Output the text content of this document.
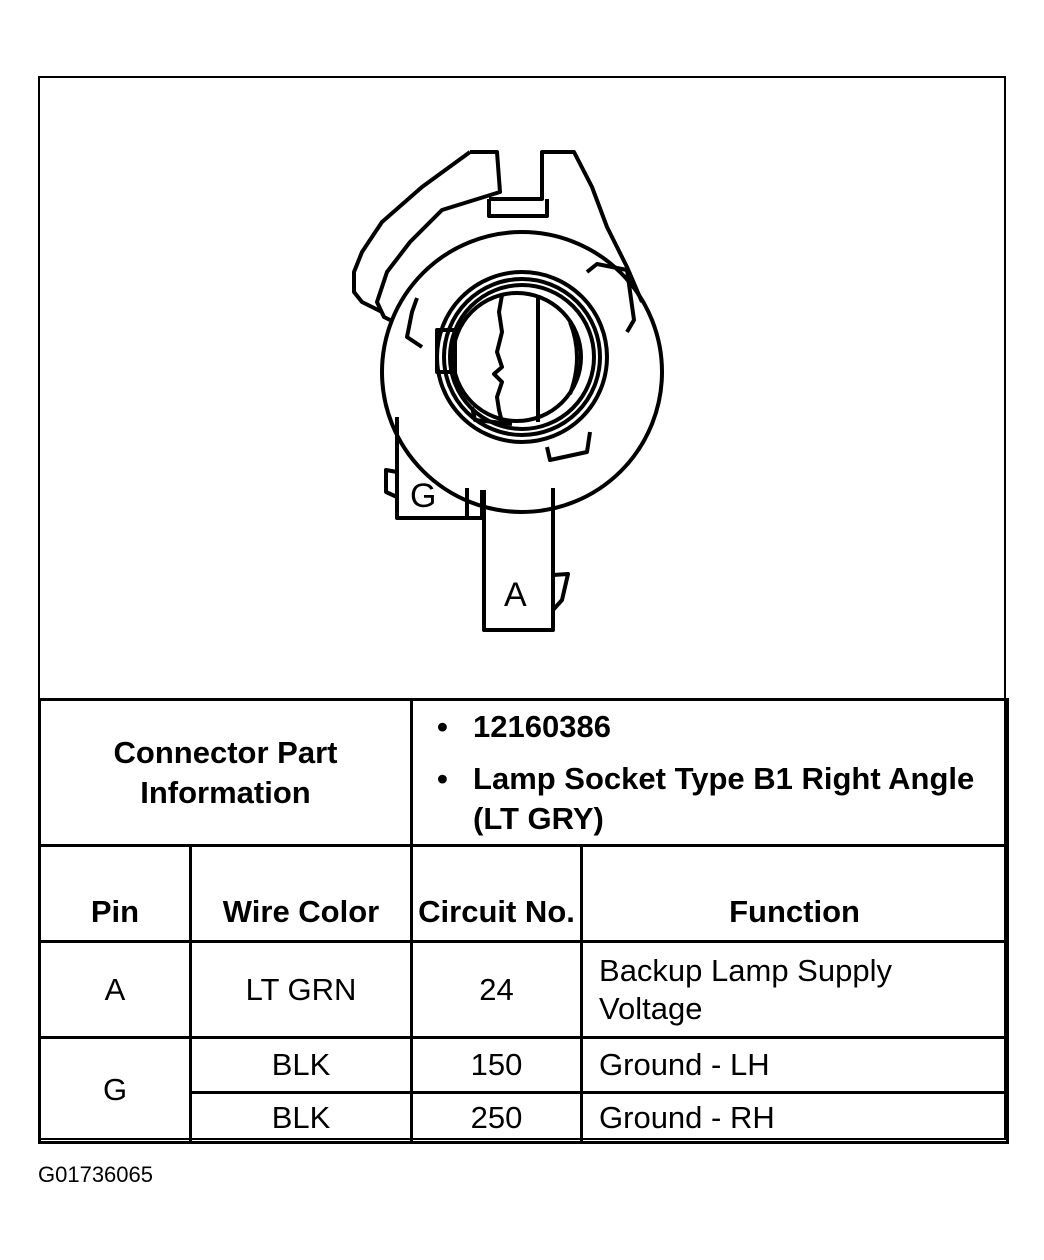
G
A
Connector Part Information		• 12160386
• Lamp Socket Type B1 Right Angle (LT GRY)

Pin	Wire Color	Circuit No.	Function
A	LT GRN	24	Backup Lamp Supply Voltage

G	BLK	150	Ground - LH
	BLK	250	Ground - RH
G01736065
